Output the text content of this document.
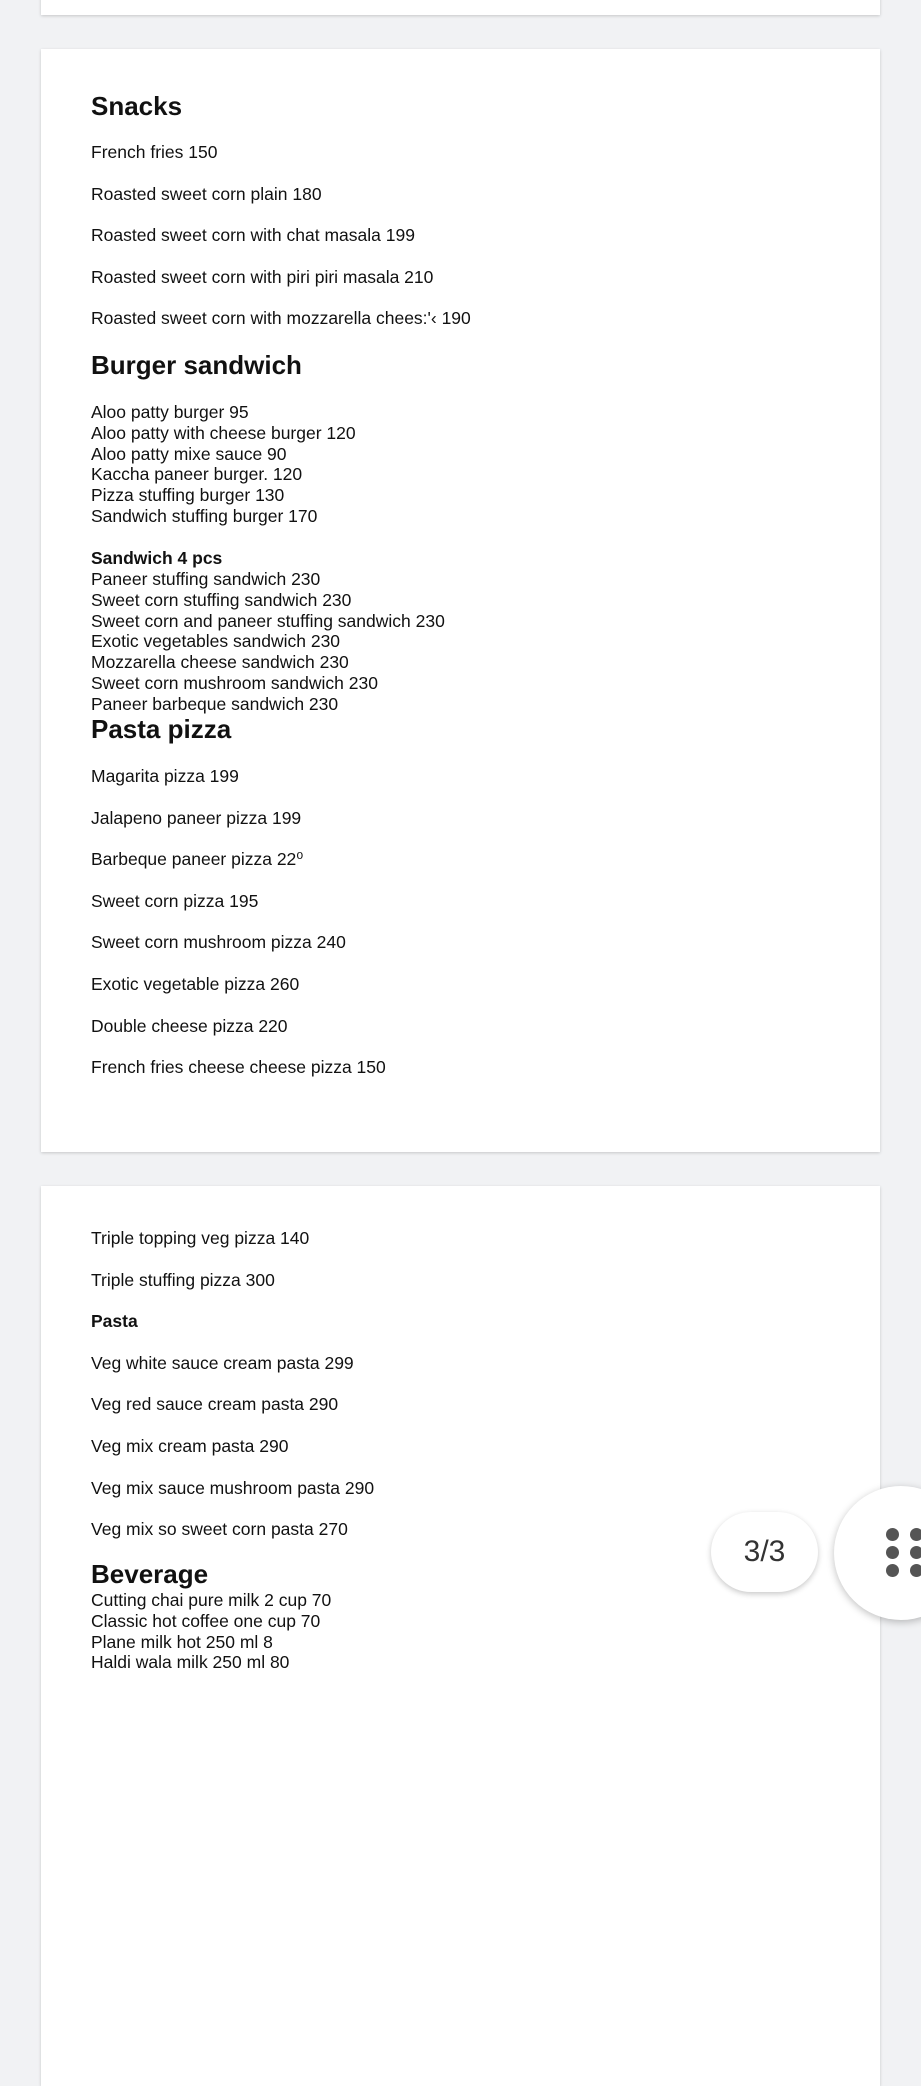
Snacks

French fries 150

Roasted sweet corn plain 180

Roasted sweet corn with chat masala 199

Roasted sweet corn with piri piri masala 210

Roasted sweet corn with mozzarella chees:'‹ 190

Burger sandwich

Aloo patty burger 95

Aloo patty with cheese burger 120

Aloo patty mixe sauce 90

Kaccha paneer burger. 120

Pizza stuffing burger 130

Sandwich stuffing burger 170

Sandwich 4 pcs

Paneer stuffing sandwich 230

Sweet corn stuffing sandwich 230

Sweet corn and paneer stuffing sandwich 230

Exotic vegetables sandwich 230

Mozzarella cheese sandwich 230

Sweet corn mushroom sandwich 230

Paneer barbeque sandwich 230

Pasta pizza

Magarita pizza 199

Jalapeno paneer pizza 199

Barbeque paneer pizza 22⁰

Sweet corn pizza 195

Sweet corn mushroom pizza 240

Exotic vegetable pizza 260

Double cheese pizza 220

French fries cheese cheese pizza 150

Triple topping veg pizza 140

Triple stuffing pizza 300

Pasta

Veg white sauce cream pasta 299

Veg red sauce cream pasta 290

Veg mix cream pasta 290

Veg mix sauce mushroom pasta 290

Veg mix so sweet corn pasta 270

Beverage

Cutting chai pure milk 2 cup 70

Classic hot coffee one cup 70

Plane milk hot 250 ml 8

Haldi wala milk 250 ml 80

3/3
